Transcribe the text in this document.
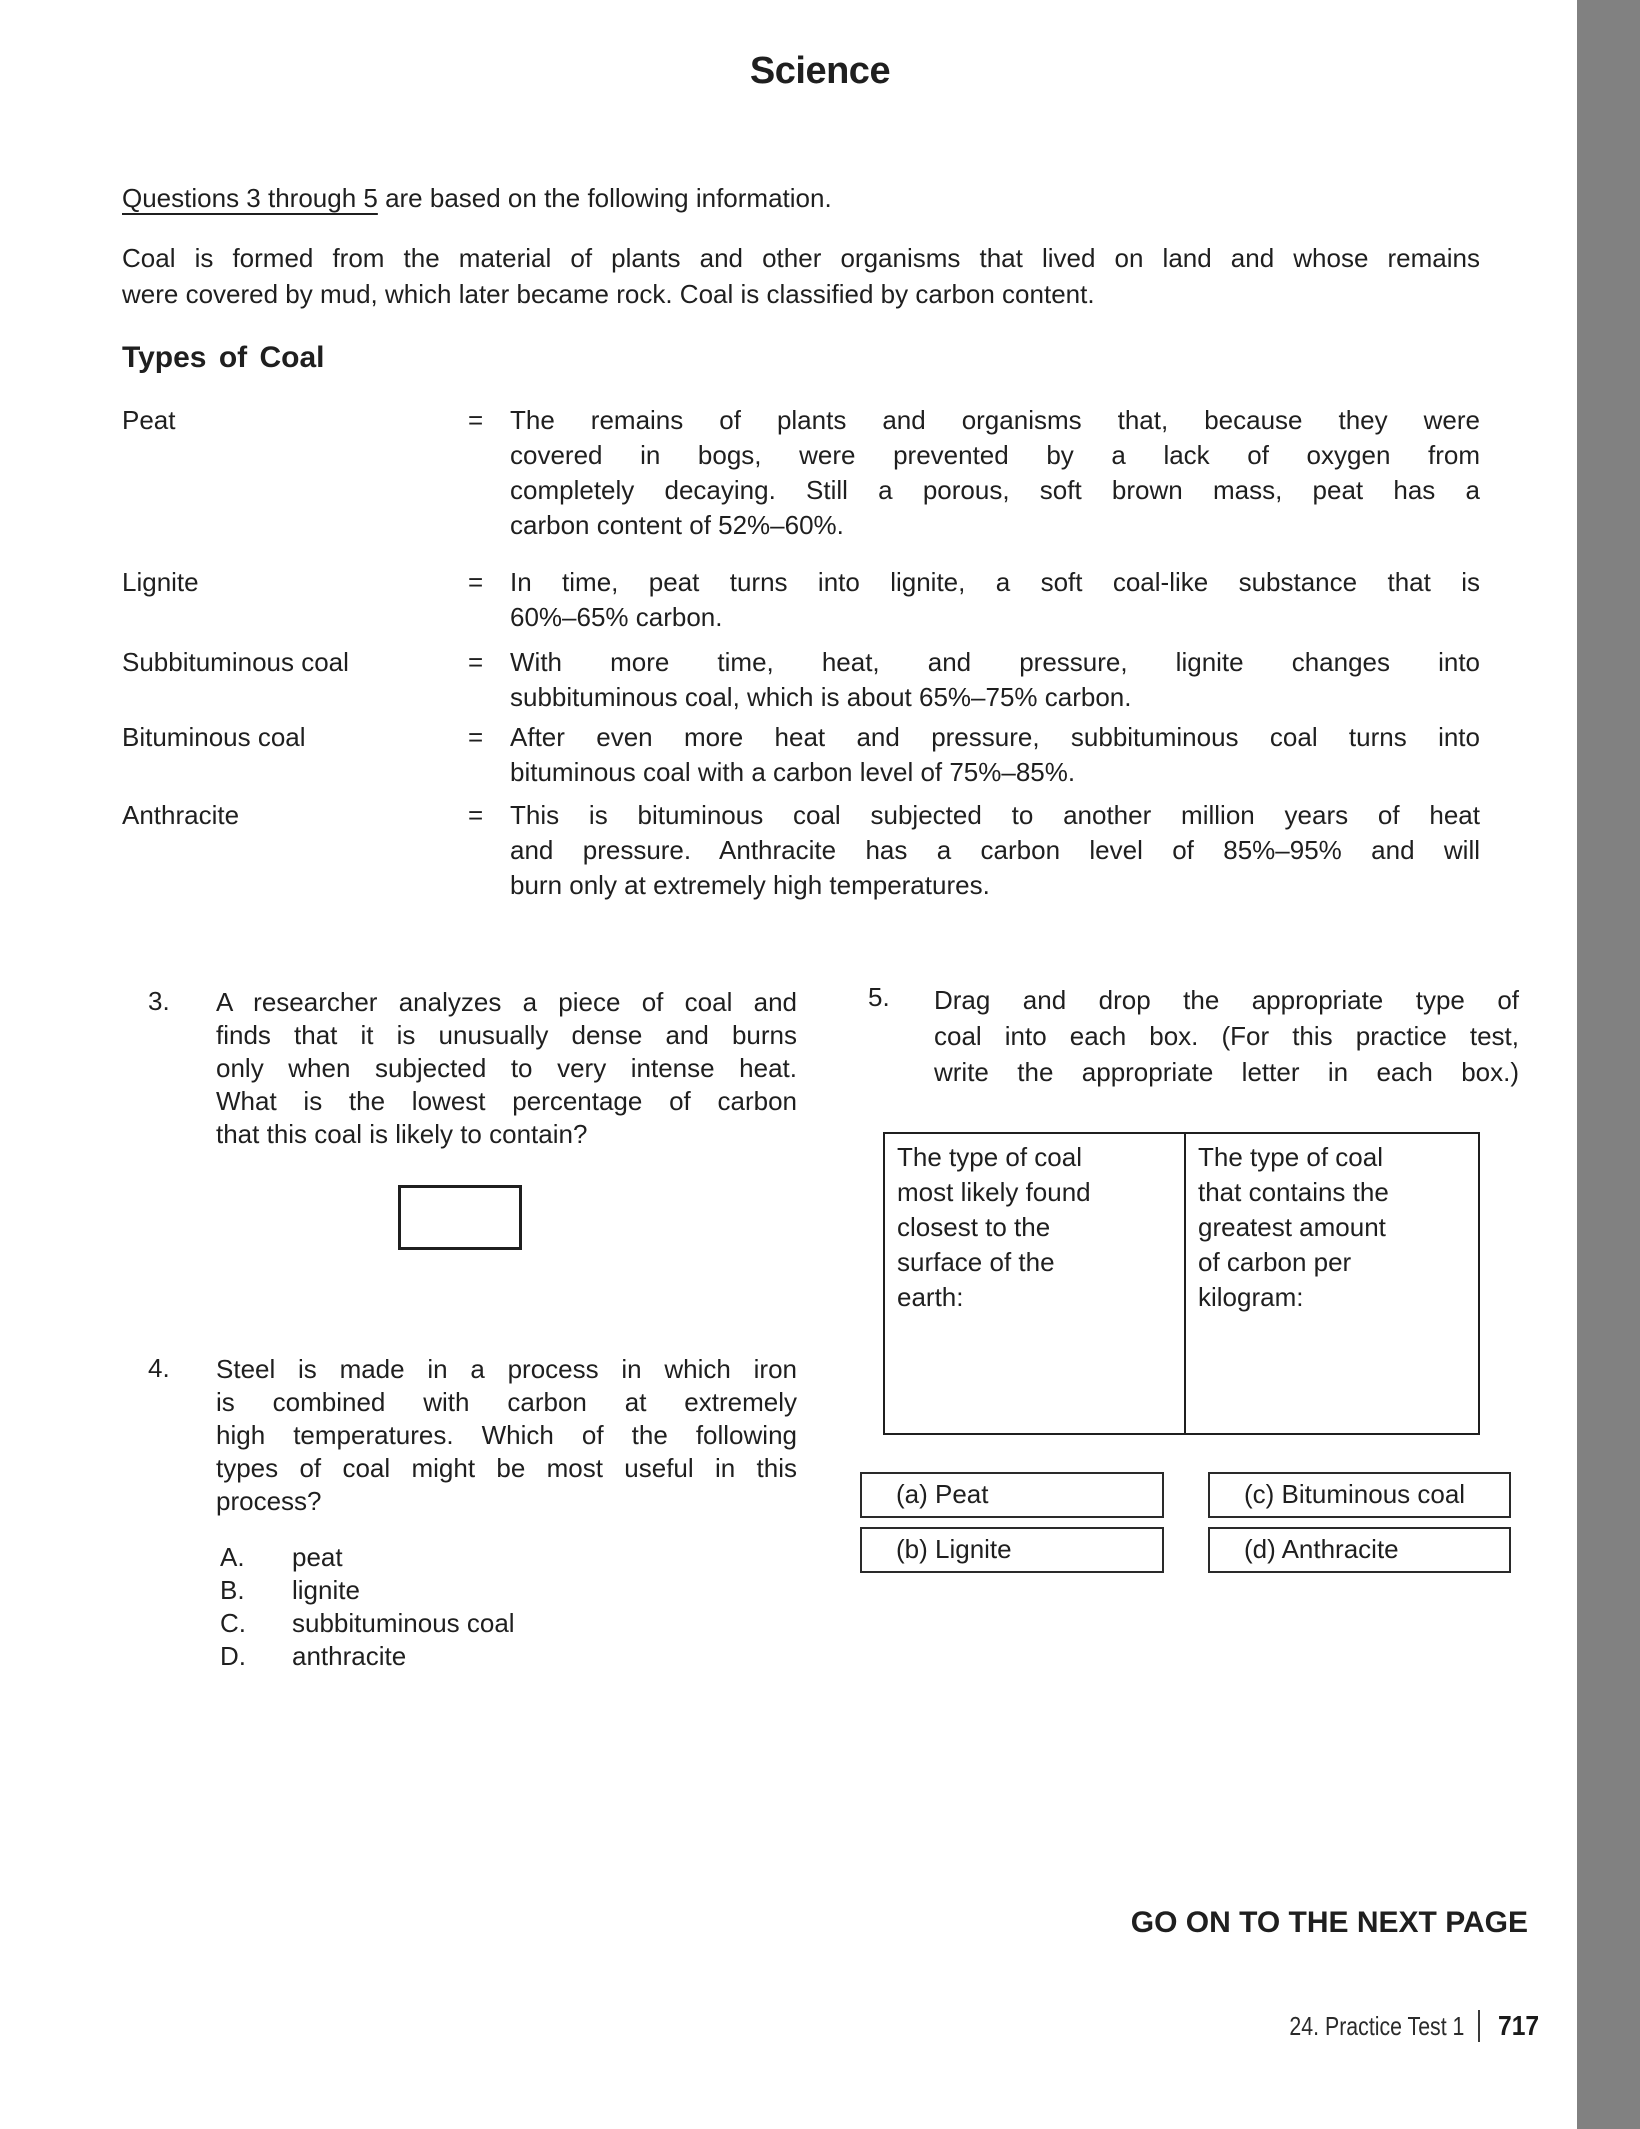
Science
Questions 3 through 5 are based on the following information.
Coal is formed from the material of plants and other organisms that lived on land and whose remains
were covered by mud, which later became rock. Coal is classified by carbon content.
Types of Coal
Peat	=	The remains of plants and organisms that, because they were
covered in bogs, were prevented by a lack of oxygen from
completely decaying. Still a porous, soft brown mass, peat has a
carbon content of 52%–60%.
Lignite	=	In time, peat turns into lignite, a soft coal-like substance that is
60%–65% carbon.
Subbituminous coal	=	With more time, heat, and pressure, lignite changes into
subbituminous coal, which is about 65%–75% carbon.
Bituminous coal	=	After even more heat and pressure, subbituminous coal turns into
bituminous coal with a carbon level of 75%–85%.
Anthracite	=	This is bituminous coal subjected to another million years of heat
and pressure. Anthracite has a carbon level of 85%–95% and will
burn only at extremely high temperatures.
3. A researcher analyzes a piece of coal and
finds that it is unusually dense and burns
only when subjected to very intense heat.
What is the lowest percentage of carbon
that this coal is likely to contain?
4. Steel is made in a process in which iron
is combined with carbon at extremely
high temperatures. Which of the following
types of coal might be most useful in this
process?
A.	peat
B.	lignite
C.	subbituminous coal
D.	anthracite
5. Drag and drop the appropriate type of
coal into each box. (For this practice test,
write the appropriate letter in each box.)
The type of coal
most likely found
closest to the
surface of the
earth:
The type of coal
that contains the
greatest amount
of carbon per
kilogram:
(a) Peat
(b) Lignite
(c) Bituminous coal
(d) Anthracite
GO ON TO THE NEXT PAGE
24. Practice Test 1 717
